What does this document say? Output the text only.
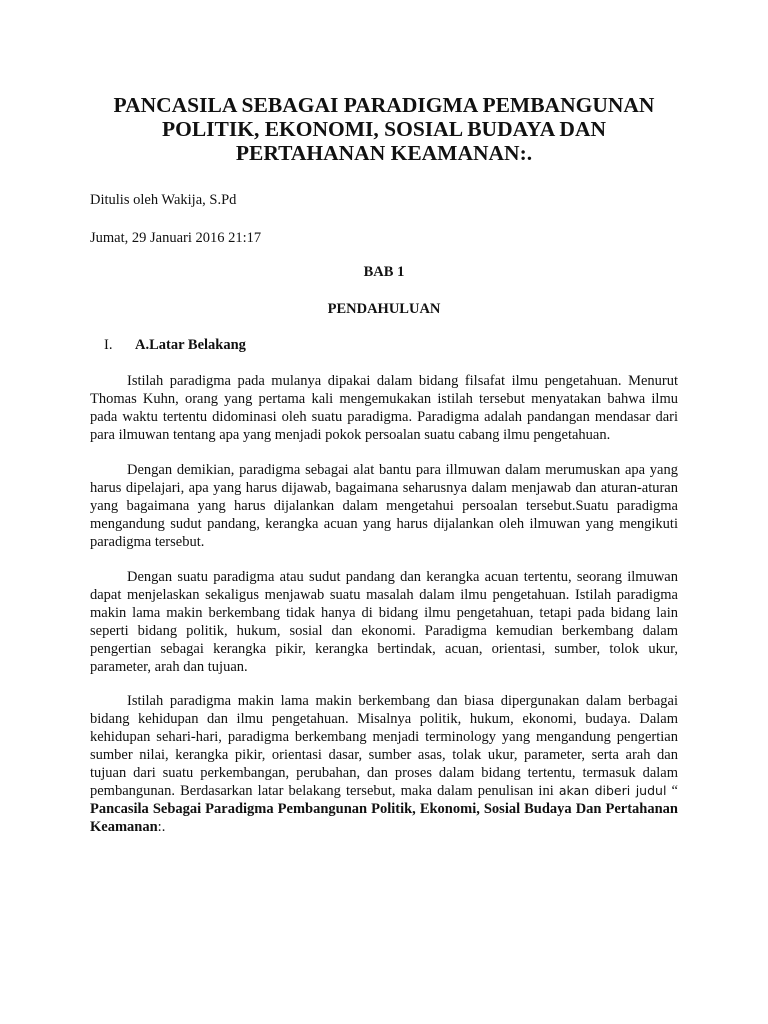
PANCASILA SEBAGAI PARADIGMA PEMBANGUNAN
POLITIK, EKONOMI, SOSIAL BUDAYA DAN
PERTAHANAN KEAMANAN:.

Ditulis oleh Wakija, S.Pd

Jumat, 29 Januari 2016 21:17

BAB 1
PENDAHULUAN
I. A.Latar Belakang

Istilah paradigma pada mulanya dipakai dalam bidang filsafat ilmu pengetahuan. Menurut Thomas Kuhn, orang yang pertama kali mengemukakan istilah tersebut menyatakan bahwa ilmu pada waktu tertentu didominasi oleh suatu paradigma. Paradigma adalah pandangan mendasar dari para ilmuwan tentang apa yang menjadi pokok persoalan suatu cabang ilmu pengetahuan.

Dengan demikian, paradigma sebagai alat bantu para illmuwan dalam merumuskan apa yang harus dipelajari, apa yang harus dijawab, bagaimana seharusnya dalam menjawab dan aturan-aturan yang bagaimana yang harus dijalankan dalam mengetahui persoalan tersebut.Suatu paradigma mengandung sudut pandang, kerangka acuan yang harus dijalankan oleh ilmuwan yang mengikuti paradigma tersebut.

Dengan suatu paradigma atau sudut pandang dan kerangka acuan tertentu, seorang ilmuwan dapat menjelaskan sekaligus menjawab suatu masalah dalam ilmu pengetahuan. Istilah paradigma makin lama makin berkembang tidak hanya di bidang ilmu pengetahuan, tetapi pada bidang lain seperti bidang politik, hukum, sosial dan ekonomi. Paradigma kemudian berkembang dalam pengertian sebagai kerangka pikir, kerangka bertindak, acuan, orientasi, sumber, tolok ukur, parameter, arah dan tujuan.

Istilah paradigma makin lama makin berkembang dan biasa dipergunakan dalam berbagai bidang kehidupan dan ilmu pengetahuan. Misalnya politik, hukum, ekonomi, budaya. Dalam kehidupan sehari-hari, paradigma berkembang menjadi terminology yang mengandung pengertian sumber nilai, kerangka pikir, orientasi dasar, sumber asas, tolak ukur, parameter, serta arah dan tujuan dari suatu perkembangan, perubahan, dan proses dalam bidang tertentu, termasuk dalam pembangunan. Berdasarkan latar belakang tersebut, maka dalam penulisan ini akan diberi judul “ Pancasila Sebagai Paradigma Pembangunan Politik, Ekonomi, Sosial Budaya Dan Pertahanan Keamanan:.
